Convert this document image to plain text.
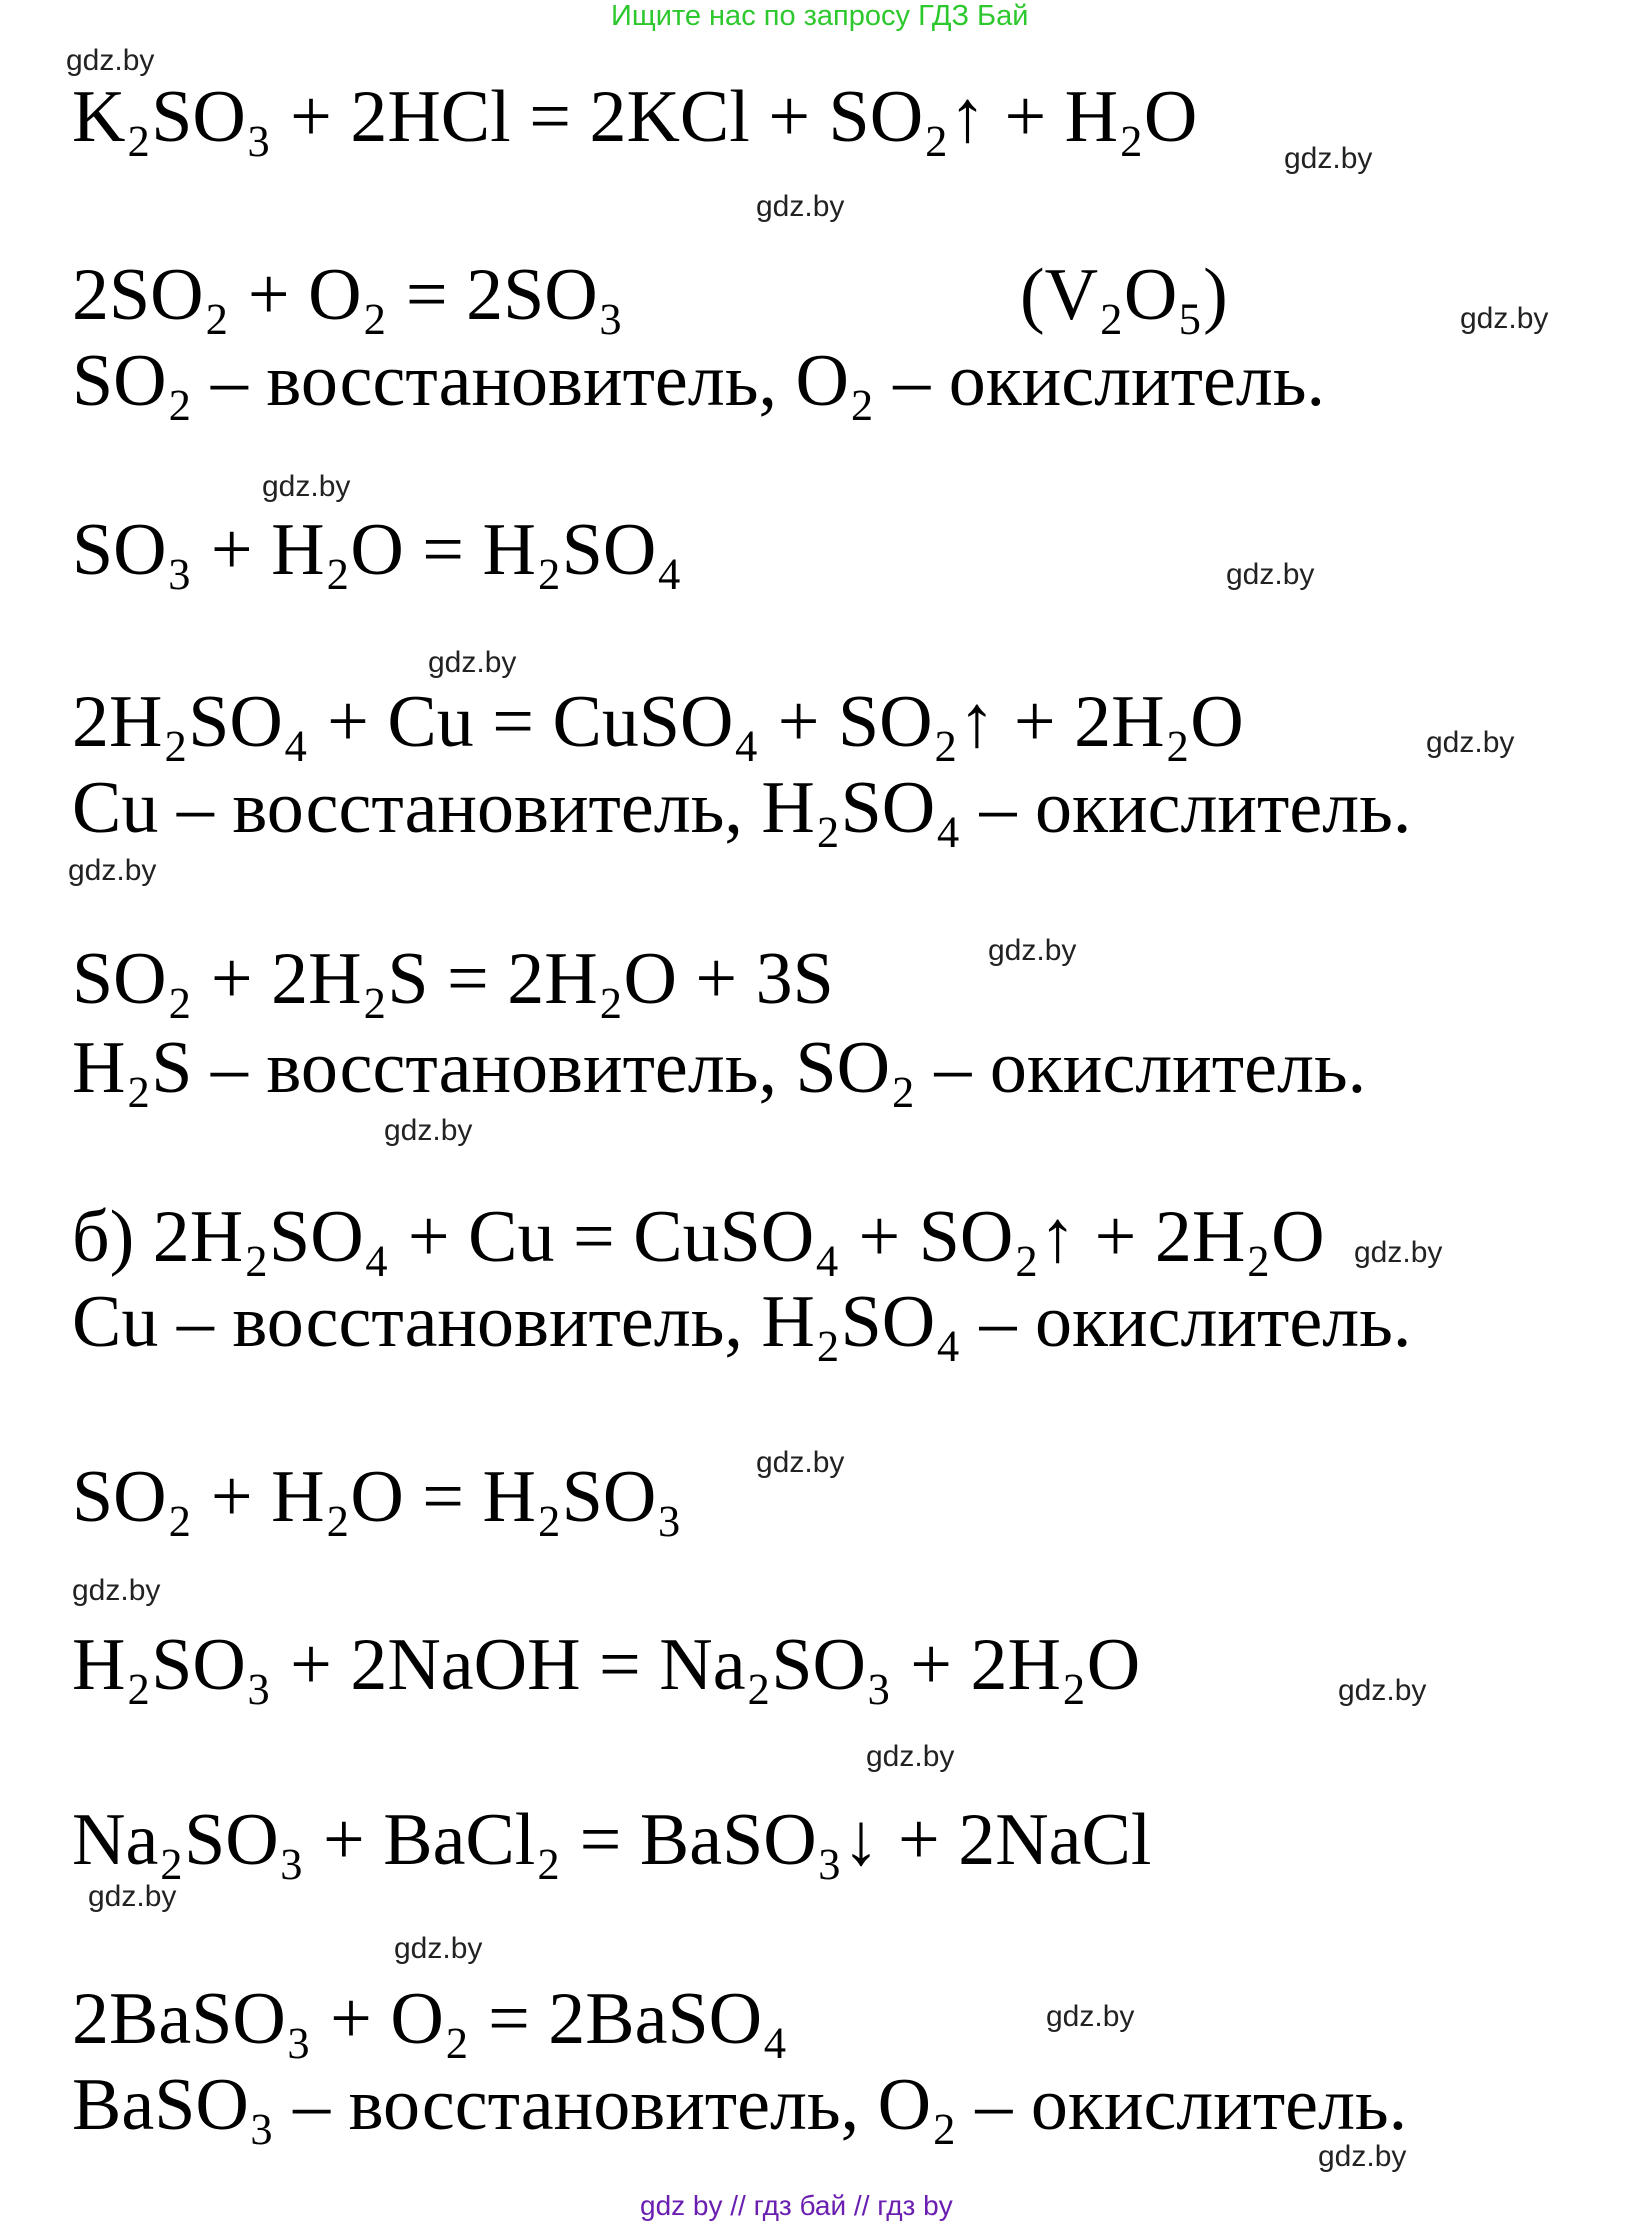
Ищите нас по запросу ГДЗ Бай
K₂SO₃ + 2HCl = 2KCl + SO₂↑ + H₂O
2SO₂ + O₂ = 2SO₃	(V₂O₅)
SO₂ – восстановитель, O₂ – окислитель.
SO₃ + H₂O = H₂SO₄
2H₂SO₄ + Cu = CuSO₄ + SO₂↑ + 2H₂O
Cu – восстановитель, H₂SO₄ – окислитель.
SO₂ + 2H₂S = 2H₂O + 3S
H₂S – восстановитель, SO₂ – окислитель.
б) 2H₂SO₄ + Cu = CuSO₄ + SO₂↑ + 2H₂O
Cu – восстановитель, H₂SO₄ – окислитель.
SO₂ + H₂O = H₂SO₃
H₂SO₃ + 2NaOH = Na₂SO₃ + 2H₂O
Na₂SO₃ + BaCl₂ = BaSO₃↓ + 2NaCl
2BaSO₃ + O₂ = 2BaSO₄
BaSO₃ – восстановитель, O₂ – окислитель.
gdz.by
gdz.by
gdz.by
gdz.by
gdz.by
gdz.by
gdz.by
gdz.by
gdz.by
gdz.by
gdz.by
gdz.by
gdz.by
gdz.by
gdz.by
gdz.by
gdz.by
gdz.by
gdz.by
gdz.by
gdz by // гдз бай // гдз by
